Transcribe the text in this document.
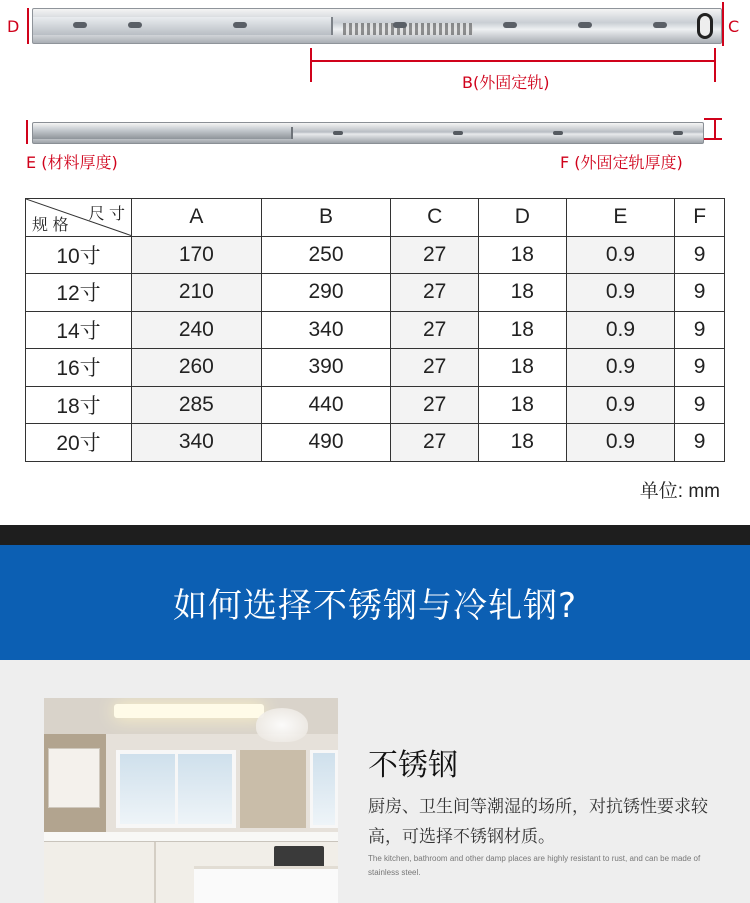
D	C
B(外固定轨)
E (材料厚度)	F (外固定轨厚度)
尺 寸
规 格	A	B	C	D	E	F
10寸	170	250	27	18	0.9	9
12寸	210	290	27	18	0.9	9
14寸	240	340	27	18	0.9	9
16寸	260	390	27	18	0.9	9
18寸	285	440	27	18	0.9	9
20寸	340	490	27	18	0.9	9
单位: mm
如何选择不锈钢与冷轧钢?
不锈钢
厨房、卫生间等潮湿的场所，对抗锈性要求较高，可选择不锈钢材质。
The kitchen, bathroom and other damp places are highly resistant to rust, and can be made of stainless steel.
